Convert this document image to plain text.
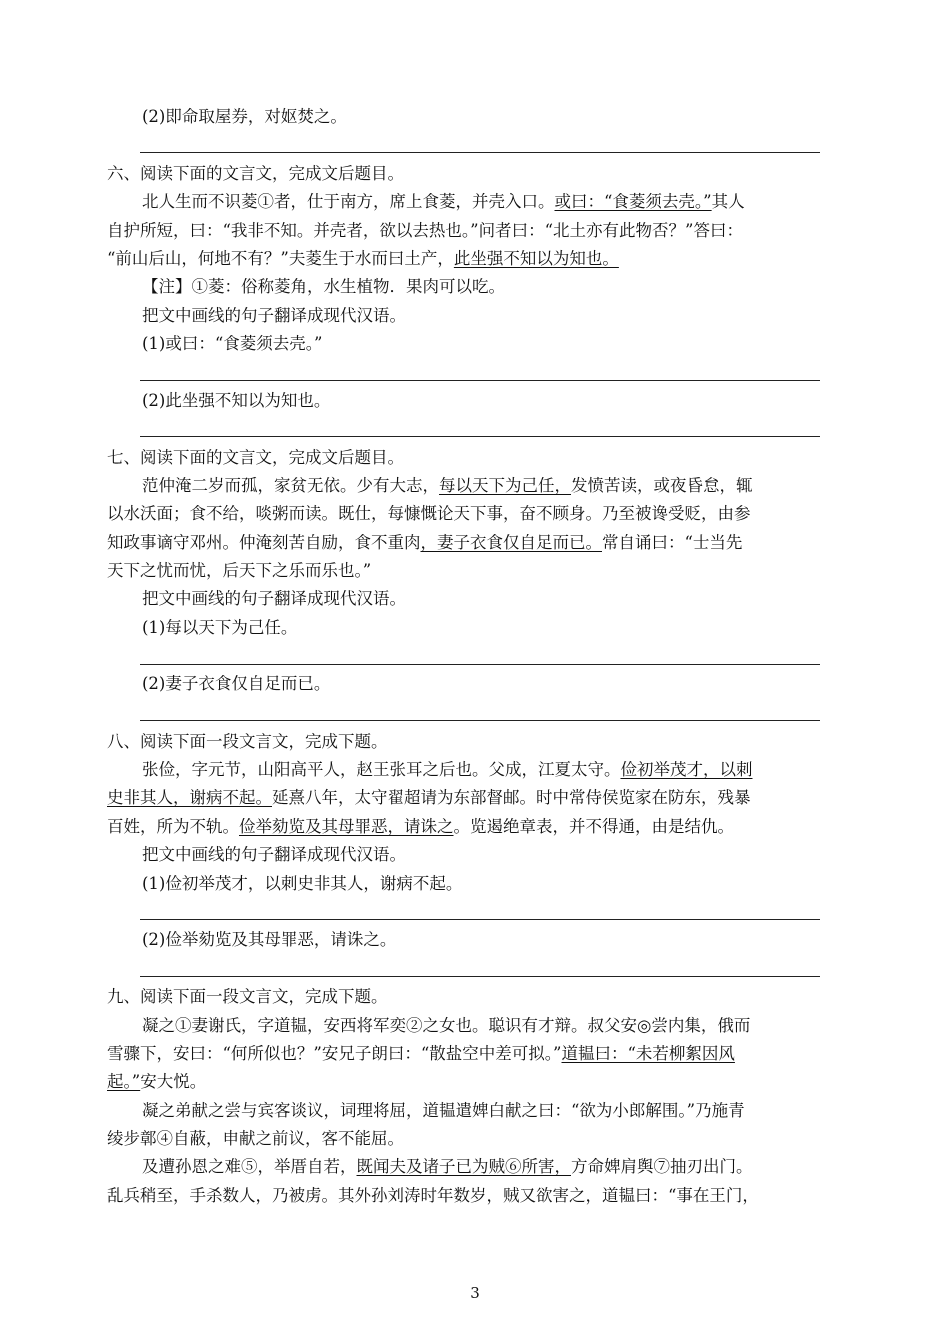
(2)即命取屋券，对妪焚之。
六、阅读下面的文言文，完成文后题目。
北人生而不识菱①者，仕于南方，席上食菱，并壳入口。或曰：“食菱须去壳。”其人
自护所短，曰：“我非不知。并壳者，欲以去热也。”问者曰：“北土亦有此物否？”答曰：
“前山后山，何地不有？”夫菱生于水而曰土产，此坐强不知以为知也。
【注】①菱：俗称菱角，水生植物．果肉可以吃。
把文中画线的句子翻译成现代汉语。
(1)或曰：“食菱须去壳。”
(2)此坐强不知以为知也。
七、阅读下面的文言文，完成文后题目。
范仲淹二岁而孤，家贫无依。少有大志，每以天下为己任，发愤苦读，或夜昏怠，辄
以水沃面；食不给，啖粥而读。既仕，每慷慨论天下事，奋不顾身。乃至被谗受贬，由参
知政事谪守邓州。仲淹刻苦自励，食不重肉，妻子衣食仅自足而已。常自诵曰：“士当先
天下之忧而忧，后天下之乐而乐也。”
把文中画线的句子翻译成现代汉语。
(1)每以天下为己任。
(2)妻子衣食仅自足而已。
八、阅读下面一段文言文，完成下题。
张俭，字元节，山阳高平人，赵王张耳之后也。父成，江夏太守。俭初举茂才，以刺
史非其人，谢病不起。延熹八年，太守翟超请为东部督邮。时中常侍侯览家在防东，残暴
百姓，所为不轨。俭举劾览及其母罪恶，请诛之。览遏绝章表，并不得通，由是结仇。
把文中画线的句子翻译成现代汉语。
(1)俭初举茂才，以刺史非其人，谢病不起。
(2)俭举劾览及其母罪恶，请诛之。
九、阅读下面一段文言文，完成下题。
凝之①妻谢氏，字道韫，安西将军奕②之女也。聪识有才辩。叔父安◎尝内集，俄而
雪骤下，安曰：“何所似也？”安兄子朗曰：“散盐空中差可拟。”道韫曰：“未若柳絮因风
起。”安大悦。
凝之弟献之尝与宾客谈议，词理将屈，道韫遣婢白献之曰：“欲为小郎解围。”乃施青
绫步鄣④自蔽，申献之前议，客不能屈。
及遭孙恩之难⑤，举厝自若，既闻夫及诸子已为贼⑥所害，方命婢肩舆⑦抽刃出门。
乱兵稍至，手杀数人，乃被虏。其外孙刘涛时年数岁，贼又欲害之，道韫曰：“事在王门，
3
